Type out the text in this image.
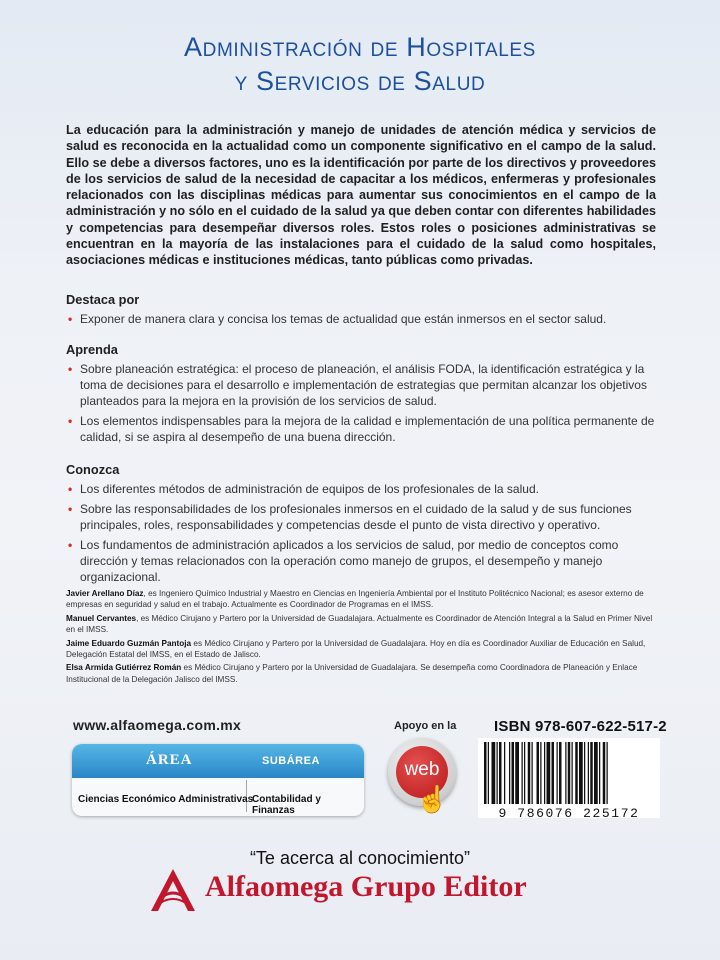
Administración de Hospitales
y Servicios de Salud
La educación para la administración y manejo de unidades de atención médica y servicios de salud es reconocida en la actualidad como un componente significativo en el campo de la salud. Ello se debe a diversos factores, uno es la identificación por parte de los directivos y proveedores de los servicios de salud de la necesidad de capacitar a los médicos, enfermeras y profesionales relacionados con las disciplinas médicas para aumentar sus conocimientos en el campo de la administración y no sólo en el cuidado de la salud ya que deben contar con diferentes habilidades y competencias para desempeñar diversos roles. Estos roles o posiciones administrativas se encuentran en la mayoría de las instalaciones para el cuidado de la salud como hospitales, asociaciones médicas e instituciones médicas, tanto públicas como privadas.
Destaca por
• Exponer de manera clara y concisa los temas de actualidad que están inmersos en el sector salud.
Aprenda
• Sobre planeación estratégica: el proceso de planeación, el análisis FODA, la identificación estratégica y la toma de decisiones para el desarrollo e implementación de estrategias que permitan alcanzar los objetivos planteados para la mejora en la provisión de los servicios de salud.
• Los elementos indispensables para la mejora de la calidad e implementación de una política permanente de calidad, si se aspira al desempeño de una buena dirección.
Conozca
• Los diferentes métodos de administración de equipos de los profesionales de la salud.
• Sobre las responsabilidades de los profesionales inmersos en el cuidado de la salud y de sus funciones principales, roles, responsabilidades y competencias desde el punto de vista directivo y operativo.
• Los fundamentos de administración aplicados a los servicios de salud, por medio de conceptos como dirección y temas relacionados con la operación como manejo de grupos, el desempeño y manejo organizacional.
Javier Arellano Díaz, es Ingeniero Químico Industrial y Maestro en Ciencias en Ingeniería Ambiental por el Instituto Politécnico Nacional; es asesor externo de empresas en seguridad y salud en el trabajo. Actualmente es Coordinador de Programas en el IMSS.
Manuel Cervantes, es Médico Cirujano y Partero por la Universidad de Guadalajara. Actualmente es Coordinador de Atención Integral a la Salud en Primer Nivel en el IMSS.
Jaime Eduardo Guzmán Pantoja es Médico Cirujano y Partero por la Universidad de Guadalajara. Hoy en día es Coordinador Auxiliar de Educación en Salud, Delegación Estatal del IMSS, en el Estado de Jalisco.
Elsa Armida Gutiérrez Román es Médico Cirujano y Partero por la Universidad de Guadalajara. Se desempeña como Coordinadora de Planeación y Enlace Institucional de la Delegación Jalisco del IMSS.
www.alfaomega.com.mx
ÁREA	SUBÁREA
Ciencias Económico Administrativas
Contabilidad y Finanzas
Apoyo en la
web
☝
ISBN 978-607-622-517-2
9 786076 225172
“Te acerca al conocimiento”
Alfaomega Grupo Editor
